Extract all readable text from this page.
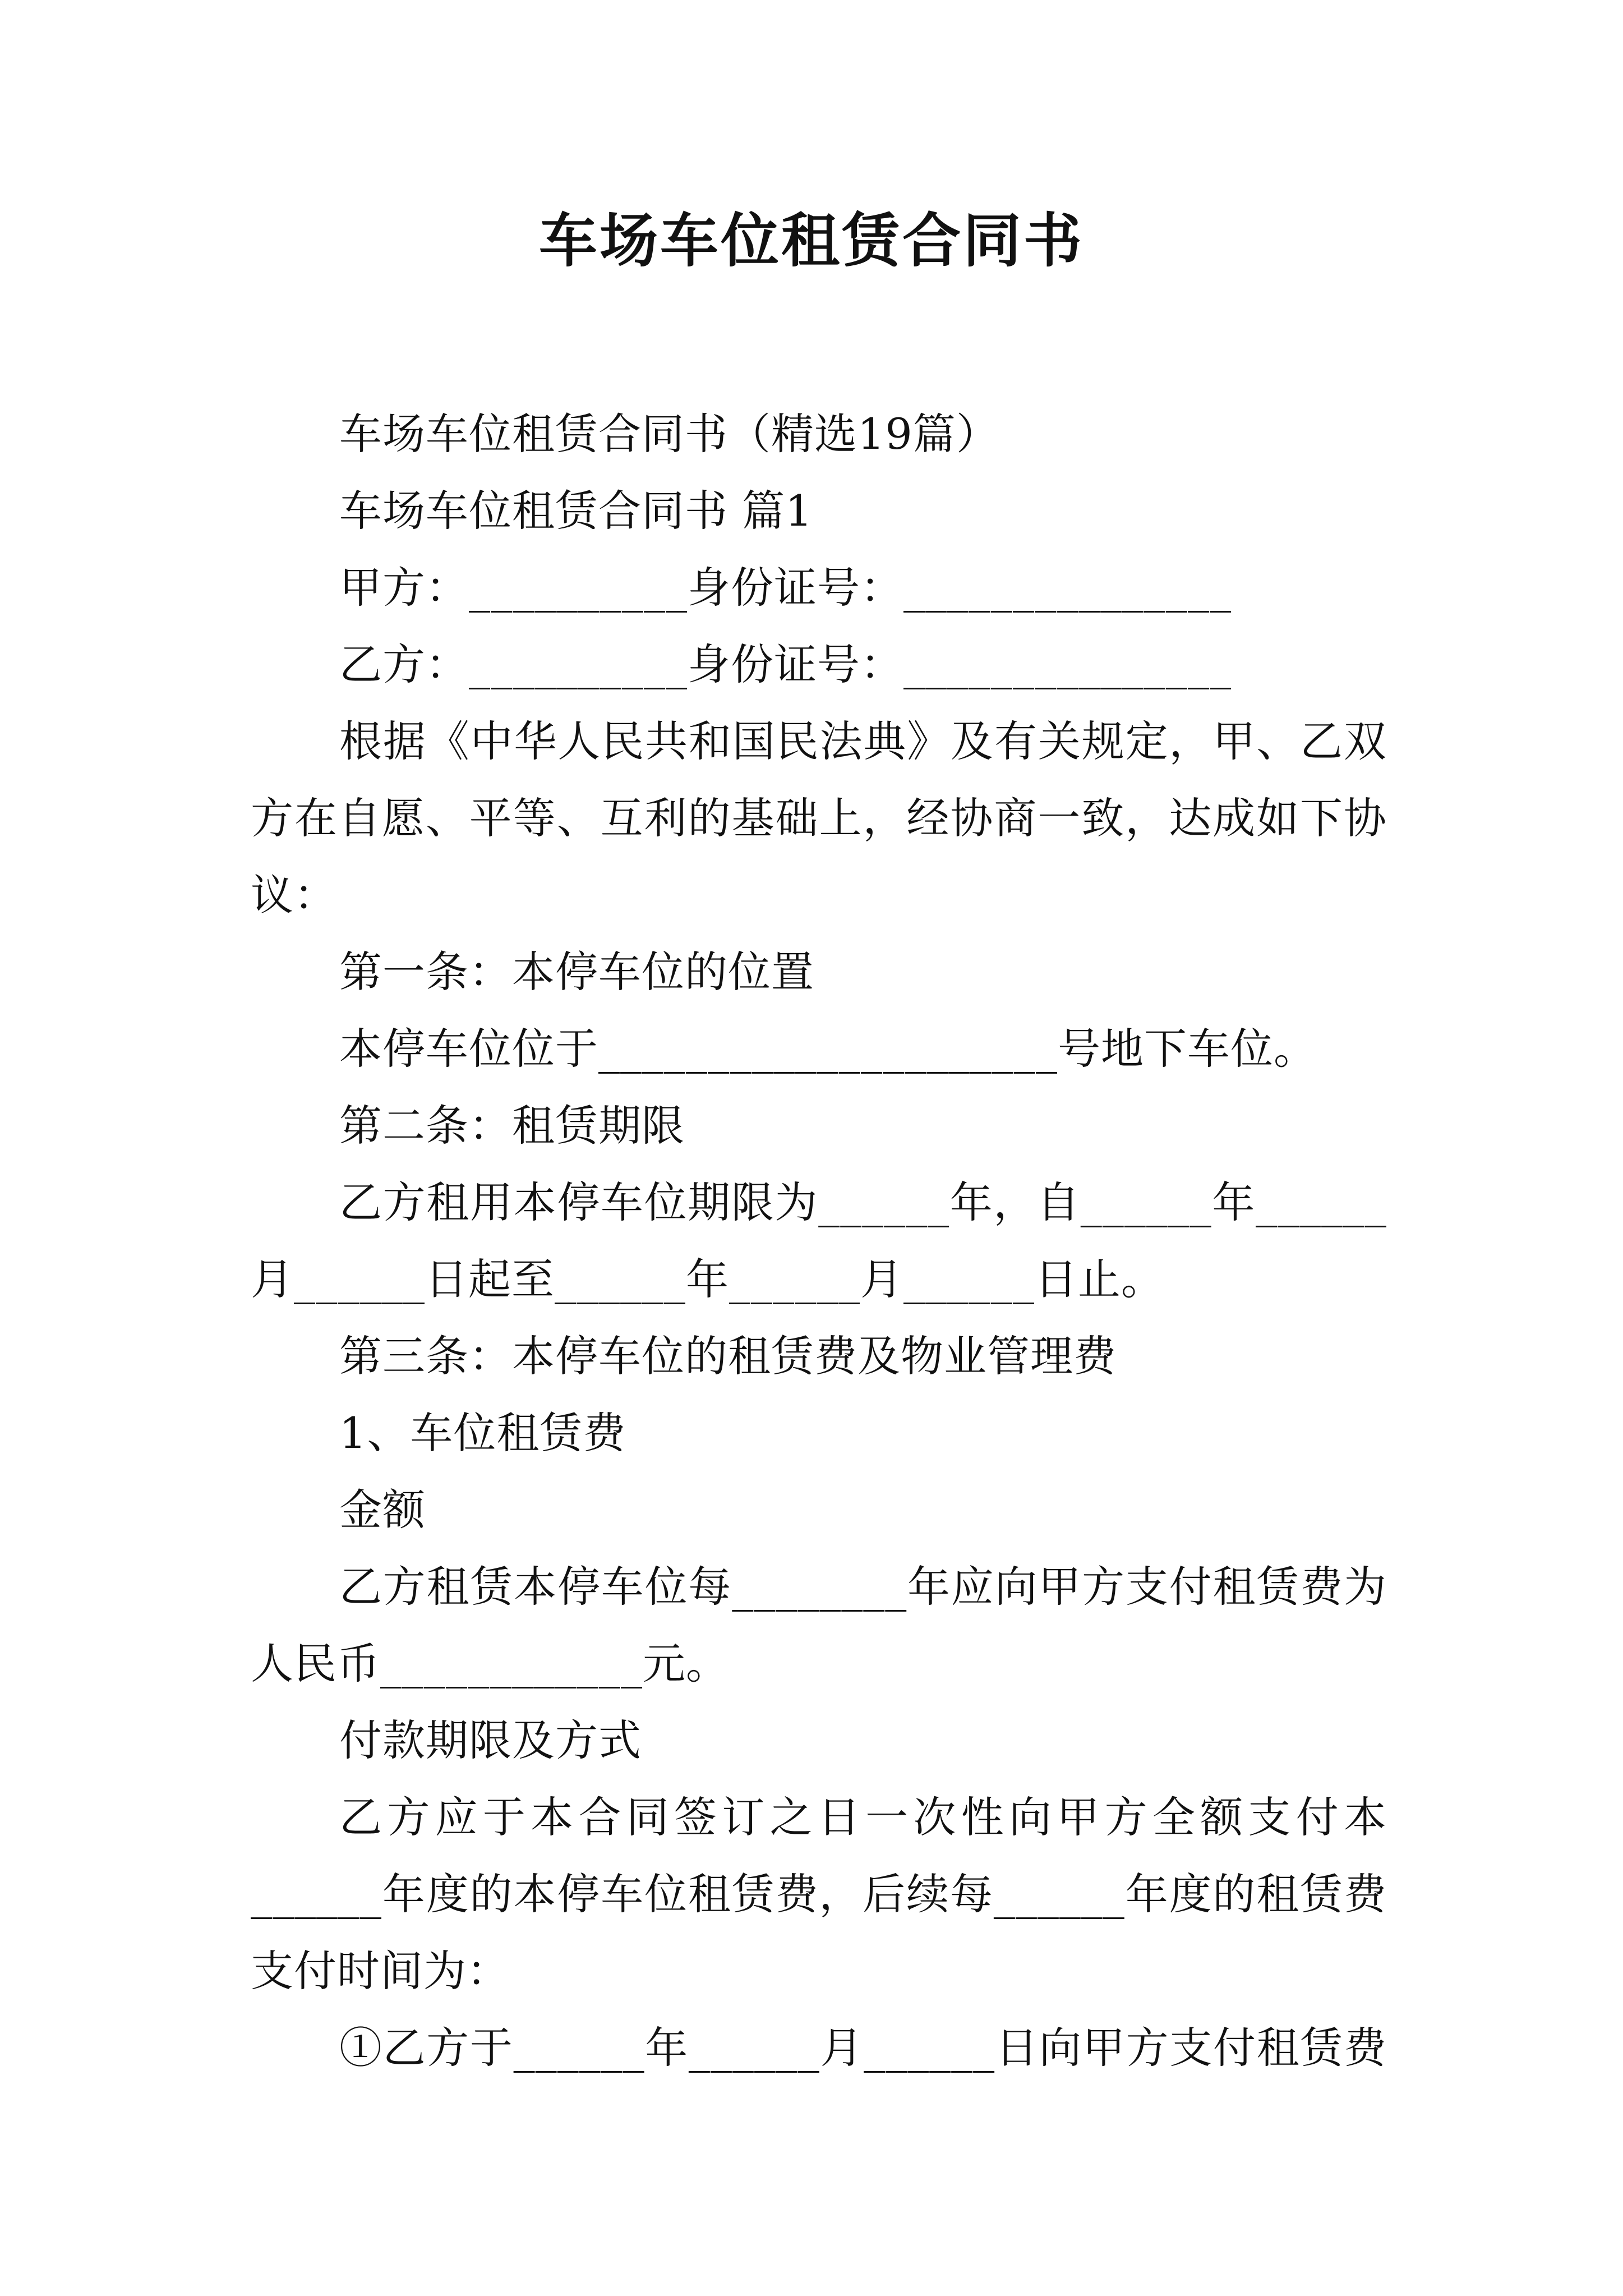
车场车位租赁合同书

车场车位租赁合同书（精选19篇）

车场车位租赁合同书 篇1

甲方：__________身份证号：_______________

乙方：__________身份证号：_______________

根据《中华人民共和国民法典》及有关规定，甲、乙双
方在自愿、平等、互利的基础上，经协商一致，达成如下协
议：

第一条：本停车位的位置

本停车位位于_____________________号地下车位。

第二条：租赁期限

乙方租用本停车位期限为______年，自______年______
月______日起至______年______月______日止。

第三条：本停车位的租赁费及物业管理费

1、车位租赁费

金额

乙方租赁本停车位每________年应向甲方支付租赁费为
人民币____________元。

付款期限及方式

乙方应于本合同签订之日一次性向甲方全额支付本
______年度的本停车位租赁费，后续每______年度的租赁费
支付时间为：

①乙方于______年______月______日向甲方支付租赁费
